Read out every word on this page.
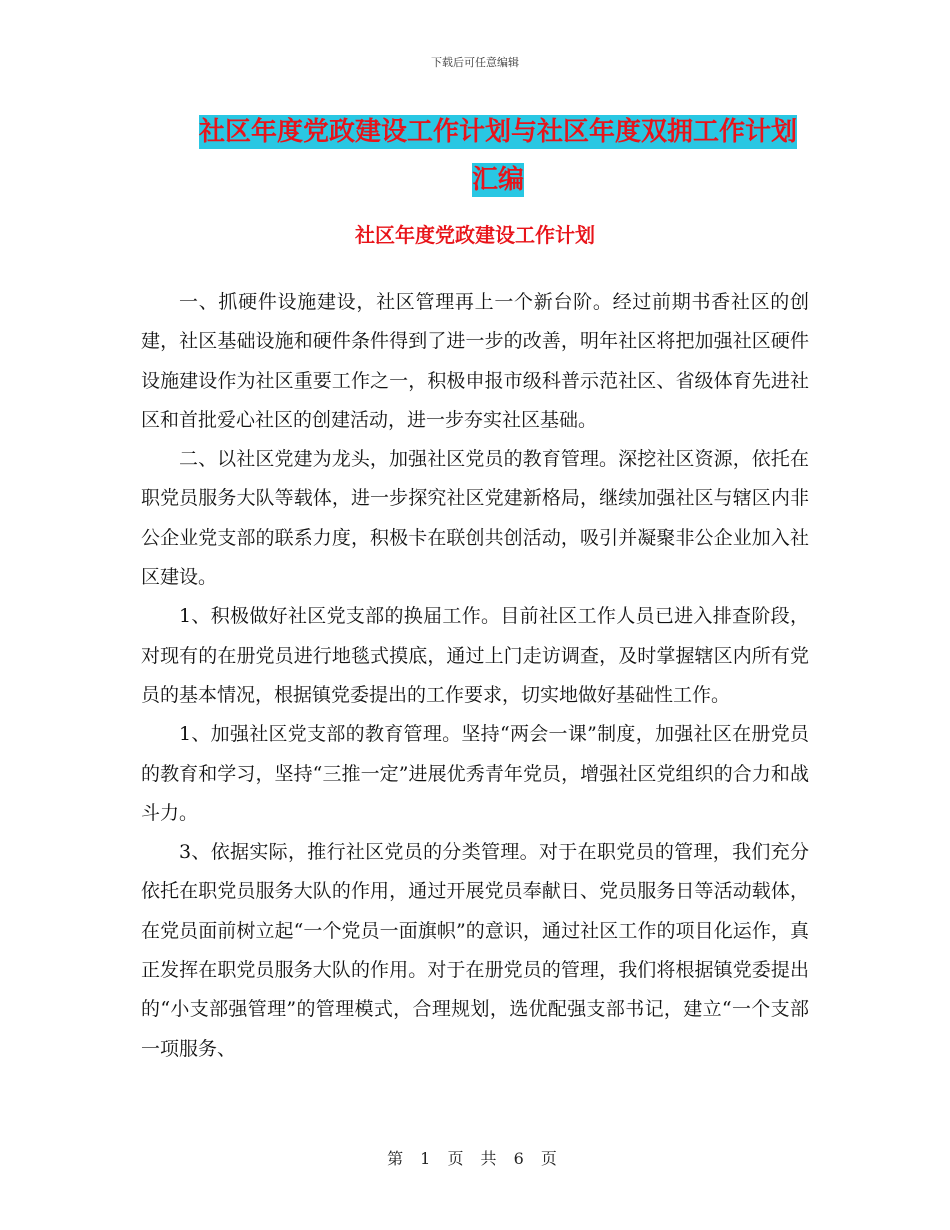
下载后可任意编辑
社区年度党政建设工作计划与社区年度双拥工作计划汇编
社区年度党政建设工作计划

一、抓硬件设施建设，社区管理再上一个新台阶。经过前期书香社区的创建，社区基础设施和硬件条件得到了进一步的改善，明年社区将把加强社区硬件设施建设作为社区重要工作之一，积极申报市级科普示范社区、省级体育先进社区和首批爱心社区的创建活动，进一步夯实社区基础。

二、以社区党建为龙头，加强社区党员的教育管理。深挖社区资源，依托在职党员服务大队等载体，进一步探究社区党建新格局，继续加强社区与辖区内非公企业党支部的联系力度，积极卡在联创共创活动，吸引并凝聚非公企业加入社区建设。

1、积极做好社区党支部的换届工作。目前社区工作人员已进入排查阶段，对现有的在册党员进行地毯式摸底，通过上门走访调查，及时掌握辖区内所有党员的基本情况，根据镇党委提出的工作要求，切实地做好基础性工作。

1、加强社区党支部的教育管理。坚持“两会一课”制度，加强社区在册党员的教育和学习，坚持“三推一定”进展优秀青年党员，增强社区党组织的合力和战斗力。

3、依据实际，推行社区党员的分类管理。对于在职党员的管理，我们充分依托在职党员服务大队的作用，通过开展党员奉献日、党员服务日等活动载体，在党员面前树立起“一个党员一面旗帜”的意识，通过社区工作的项目化运作，真正发挥在职党员服务大队的作用。对于在册党员的管理，我们将根据镇党委提出的“小支部强管理”的管理模式，合理规划，选优配强支部书记，建立“一个支部一项服务、

第 1 页 共 6 页
